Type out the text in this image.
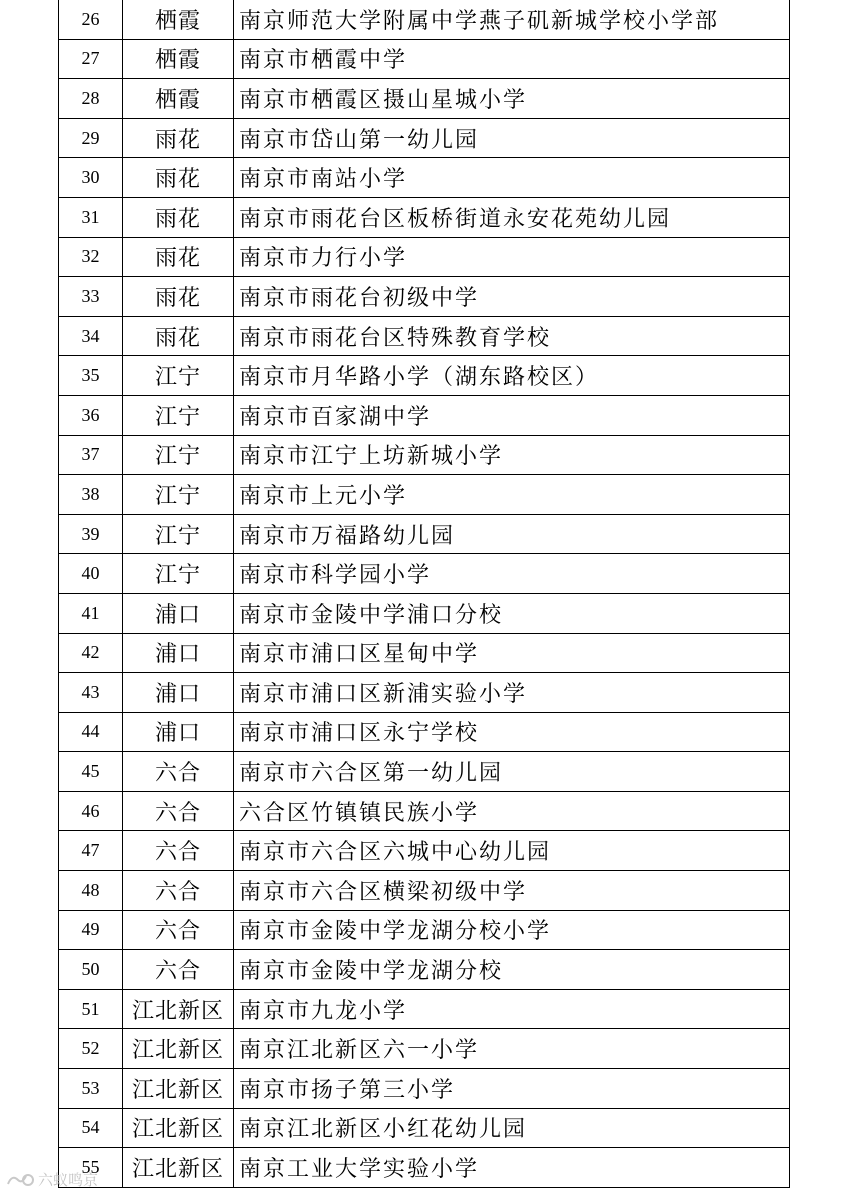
26	栖霞	南京师范大学附属中学燕子矶新城学校小学部
27	栖霞	南京市栖霞中学
28	栖霞	南京市栖霞区摄山星城小学
29	雨花	南京市岱山第一幼儿园
30	雨花	南京市南站小学
31	雨花	南京市雨花台区板桥街道永安花苑幼儿园
32	雨花	南京市力行小学
33	雨花	南京市雨花台初级中学
34	雨花	南京市雨花台区特殊教育学校
35	江宁	南京市月华路小学（湖东路校区）
36	江宁	南京市百家湖中学
37	江宁	南京市江宁上坊新城小学
38	江宁	南京市上元小学
39	江宁	南京市万福路幼儿园
40	江宁	南京市科学园小学
41	浦口	南京市金陵中学浦口分校
42	浦口	南京市浦口区星甸中学
43	浦口	南京市浦口区新浦实验小学
44	浦口	南京市浦口区永宁学校
45	六合	南京市六合区第一幼儿园
46	六合	六合区竹镇镇民族小学
47	六合	南京市六合区六城中心幼儿园
48	六合	南京市六合区横梁初级中学
49	六合	南京市金陵中学龙湖分校小学
50	六合	南京市金陵中学龙湖分校
51	江北新区	南京市九龙小学
52	江北新区	南京江北新区六一小学
53	江北新区	南京市扬子第三小学
54	江北新区	南京江北新区小红花幼儿园
55	江北新区	南京工业大学实验小学
六蚁鸣京
